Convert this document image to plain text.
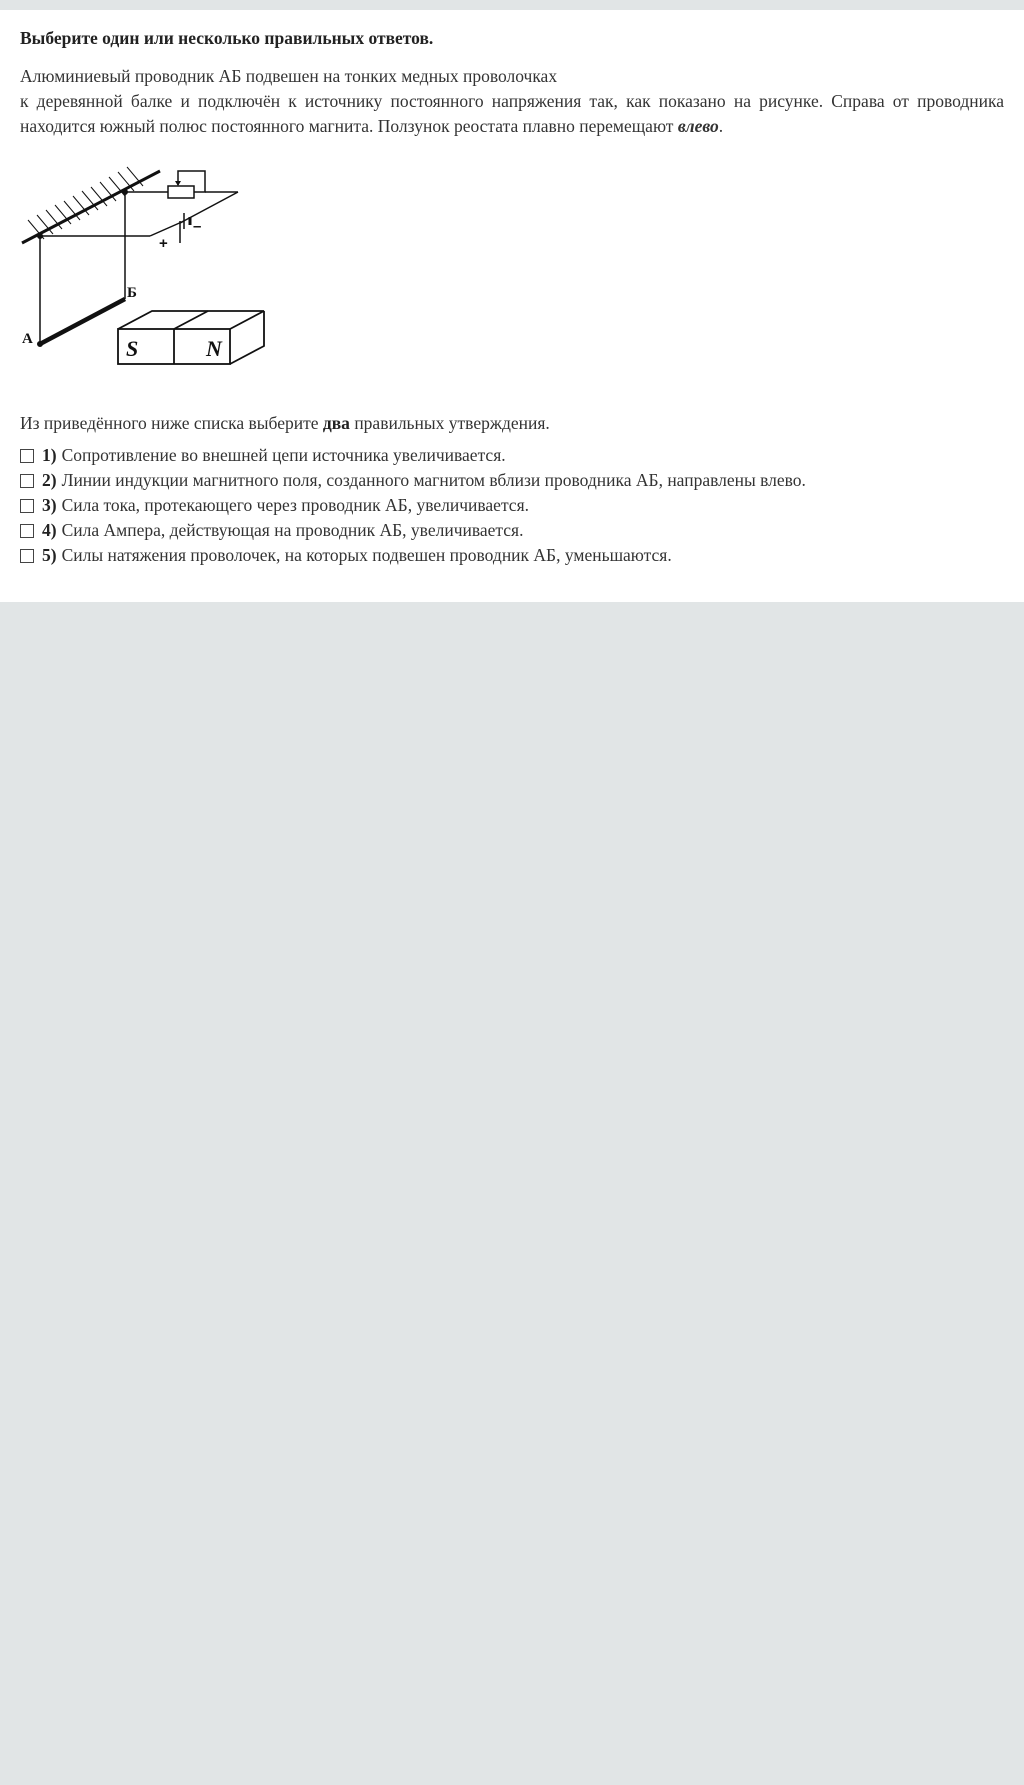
Выберите один или несколько правильных ответов.

Алюминиевый проводник АБ подвешен на тонких медных проволочках
к деревянной балке и подключён к источнику постоянного напряжения так, как показано на рисунке. Справа от проводника находится южный полюс постоянного магнита. Ползунок реостата плавно перемещают влево.

А
Б
S	N
+
–

Из приведённого ниже списка выберите два правильных утверждения.

1) Сопротивление во внешней цепи источника увеличивается.
2) Линии индукции магнитного поля, созданного магнитом вблизи проводника АБ, направлены влево.
3) Сила тока, протекающего через проводник АБ, увеличивается.
4) Сила Ампера, действующая на проводник АБ, увеличивается.
5) Силы натяжения проволочек, на которых подвешен проводник АБ, уменьшаются.
